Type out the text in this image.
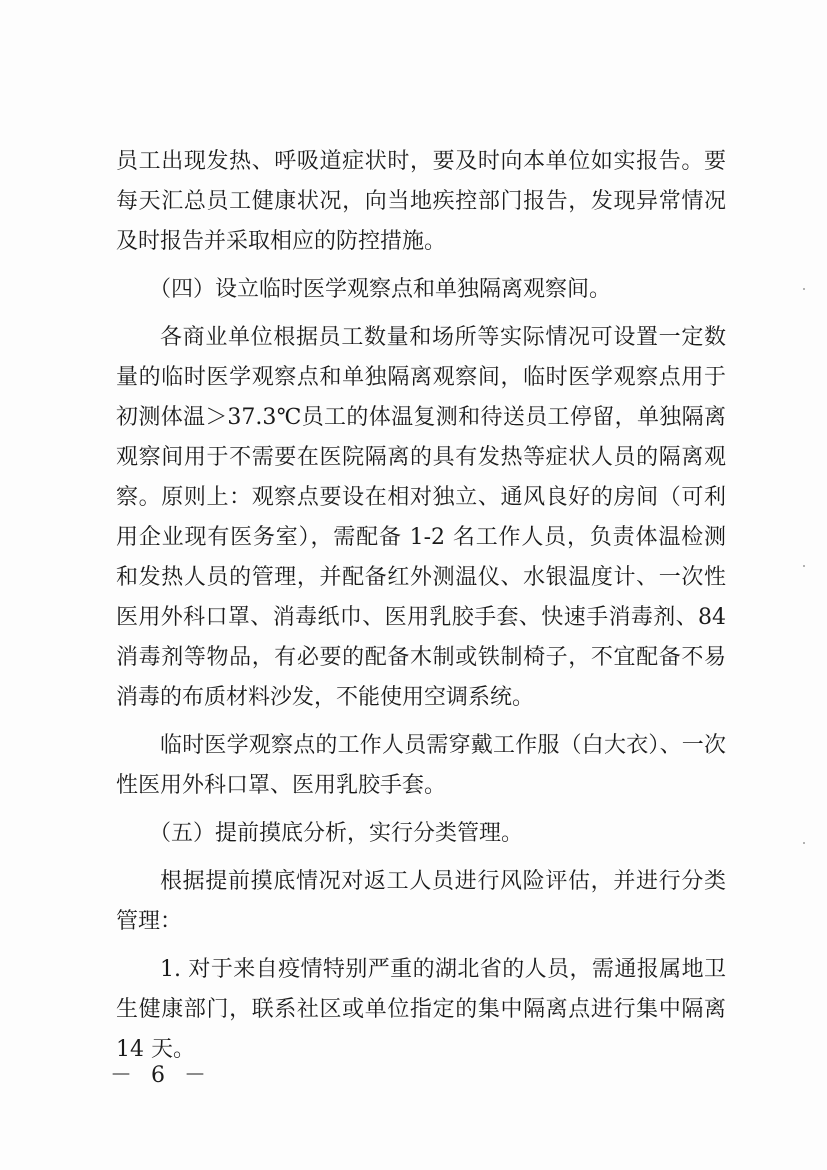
员工出现发热、呼吸道症状时，要及时向本单位如实报告。要每天汇总员工健康状况，向当地疾控部门报告，发现异常情况及时报告并采取相应的防控措施。

（四）设立临时医学观察点和单独隔离观察间。

各商业单位根据员工数量和场所等实际情况可设置一定数量的临时医学观察点和单独隔离观察间，临时医学观察点用于初测体温＞37.3℃员工的体温复测和待送员工停留，单独隔离观察间用于不需要在医院隔离的具有发热等症状人员的隔离观察。原则上：观察点要设在相对独立、通风良好的房间（可利用企业现有医务室），需配备 1-2 名工作人员，负责体温检测和发热人员的管理，并配备红外测温仪、水银温度计、一次性医用外科口罩、消毒纸巾、医用乳胶手套、快速手消毒剂、84 消毒剂等物品，有必要的配备木制或铁制椅子，不宜配备不易消毒的布质材料沙发，不能使用空调系统。

临时医学观察点的工作人员需穿戴工作服（白大衣）、一次性医用外科口罩、医用乳胶手套。

（五）提前摸底分析，实行分类管理。

根据提前摸底情况对返工人员进行风险评估，并进行分类管理：

1. 对于来自疫情特别严重的湖北省的人员，需通报属地卫生健康部门，联系社区或单位指定的集中隔离点进行集中隔离 14 天。

－ 6 －
